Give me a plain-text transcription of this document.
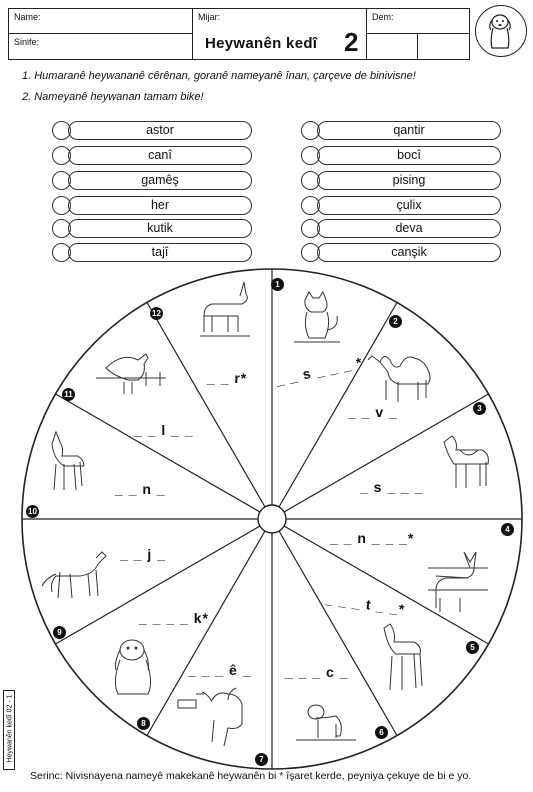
Name:
Sinife:
Mijar:	Dem:
Heywanên kedî 2
1. Humaranê heywananê cêrênan, goranê nameyanê înan, çarçeve de binivisne!
2. Nameyanê heywanan tamam bike!
astor
canî
gamêş
her
kutik
tajî
qantir
bocî
pising
çulix
deva
canşik
_ _ s _ _ _ *
_ _ v _
_ s _ _ _
_ _ n _ _ _*
_ _ _ t _ _*
_ _ _ c _
_ _ _ ê _
_ _ _ _ k*
_ _ j _
_ _ n _
_ _ l _ _
_ _ r*
1
2
3
4
5
6
7
8
9
10
11
12
Heywanên kedî 02 - 1
Serinc: Nivisnayena nameyê makekanê heywanên bi * îşaret kerde, peyniya çekuye de bi e yo.
